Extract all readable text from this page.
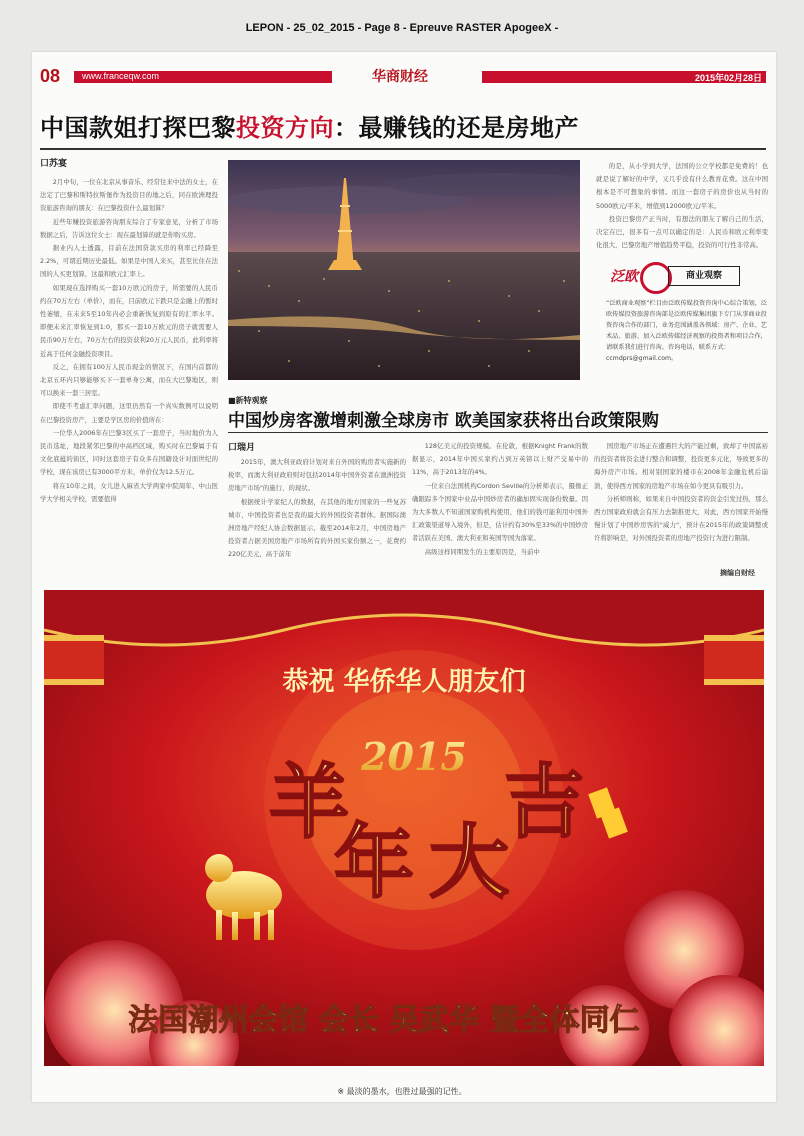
LEPON - 25_02_2015 - Page 8 - Epreuve RASTER ApogeeX -
08 www.franceqw.com	华商财经	2015年02月28日
中国款姐打探巴黎投资方向：最赚钱的还是房地产
口苏宴

2月中旬，一位在北京从事音乐、经常往来中法的女士，在法定了巴黎和斯特拉斯堡作为投资目的地之后，同在欧洲理投资旅游咨询的朋友：在巴黎投资什么最划算？

近些年赚投资旅游咨询朋友综合了专家意见，分析了市场数据之后，告诉这位女士：现在最划算的就是你购买房。

据业内人士透露，目前在法国贷款买房的利率已经降至2.2%，可谓近期历史最低。如果是中国人来买，甚至比住在法国的人买更划算，这最和欧元汇率上。

如果现在选择购买一套10万欧元的房子，所需要的人民币约在70万左右（单价），而在，目前欧元下跌只是金融上的暂时性萎缩，在未来5至10年内必会重新恢复到原有的汇率水平。即便未来汇率恢复到1:0，那买一套10万欧元的房子就需要人民币90万左右，70万左右的投资获利20万元人民币，此利率将近高于任何金融投资项目。

反之，在拥有100万人民币现金的情况下，在国内首都的北京五环内只够能够买下一套单身公寓，而在大巴黎地区，则可以换来一套三居室。

即使不考虑汇率问题，这里仍然有一个真实数例可以说明在巴黎投资房产，主要是学区房的价值所在：

一位华人2006年在巴黎3区买了一套房子，当时地价为人民币选址，地段紧邻巴黎的中高档区域，购买时在巴黎属于有文化底蕴的街区，同时这套房子有众多在国籍设计对面世纪的学校，现在该房已有3000平方米，单价仅为12.5万元。

将在10年之间，女儿进入麻省大学两家中院周年、中山医学大学相关学校，需要值得

的是，从小学到大学，法国的公立学校都是免费的！也就是说了解好的中学，又几乎没有什么教育花费。这在中国根本是不可想象的事情。而这一套房子的房价也从当时的5000欧元/平米，增值到12000欧元/平米。

投资巴黎房产正当时，有想法的朋友了解自己的生活，决定在巴，很多有一点可以确定的是：人民币和欧元利率变化很大，巴黎房地产增值趋势平稳，投资的可行性非常高。

泛欧	商业观察
“泛欧商业观察”栏目由泛欧传媒投资咨询中心综合策划，泛欧传媒投资旅游咨询部是泛欧传媒集团旗下专门从事商业投资咨询合作的部门，业务范围涵盖各领域：房产、企业、艺术品、旅游、加入泛欧传媒经济观察的投资者和项目合作，请联系我们进行咨询。咨询电话，联系方式：ccmdprs@gmail.com。
■新特观察
中国炒房客激增刺激全球房市 欧美国家获将出台政策限购
口瑞月

2015年，澳大利亚政府计划对来自外国的购房者实施新的税率，而澳大利亚政府则对包括2014年中国外资者在澳洲投资房地产市场"的施行、的现状。

根据统计学家纪人的数据，在其他的地方国家的一些复苏城市，中国投资者也是我的最大的外国投资者群体。据国际澳洲房地产经纪人协会数据显示，截至2014年2月，中国房地产投资者占据美国房地产市场所有的外国买家份额之一，花费约220亿美元，高于前年

128亿美元的投资规模。在伦敦，根据Knight Frank的数据显示，2014年中国买家约占到万英镑以上财产交易中的11%，高于2013年的4%。

一位来自法国机构Cordon Seville的分析师表示，摄像正确跟踪多个国家中业品中国炒房者的确加固实现备份数量。因为大多数人不知道国家购机构使用，他们的钱可能利用中国外汇政策渠道导入境外，但是，估计约有30%至33%的中国炒房者活跃在美国、澳大利亚和英国等国为落家。

高级这样同期发生的主要原因是，当前中

国房地产市场正在遭遇巨大的产能过剩，致却了中国富裕的投资者将资金进行整合和调整，投资更多元化，导致更多的海外房产市场。相对别国家的楼市在2008年金融危机后崩溃，使得西方国家的房地产市场在如今更具有吸引力。

分析师则称，如果来自中国投资者的资金引发过热，那么西方国家政府就会有压力去制推更大，对此，西方国家开始慢慢计划了中国炒房客的"威力"，预计在2015年的政策调整或许将影响是，对外国投资者的房地产投资行为进行限制。

摘编自财经
恭祝 华侨华人朋友们
2015
羊
年 大
吉
法国潮州会馆 会长 吴武华 暨全体同仁
※ 最淡的墨水，也胜过最强的记性。
